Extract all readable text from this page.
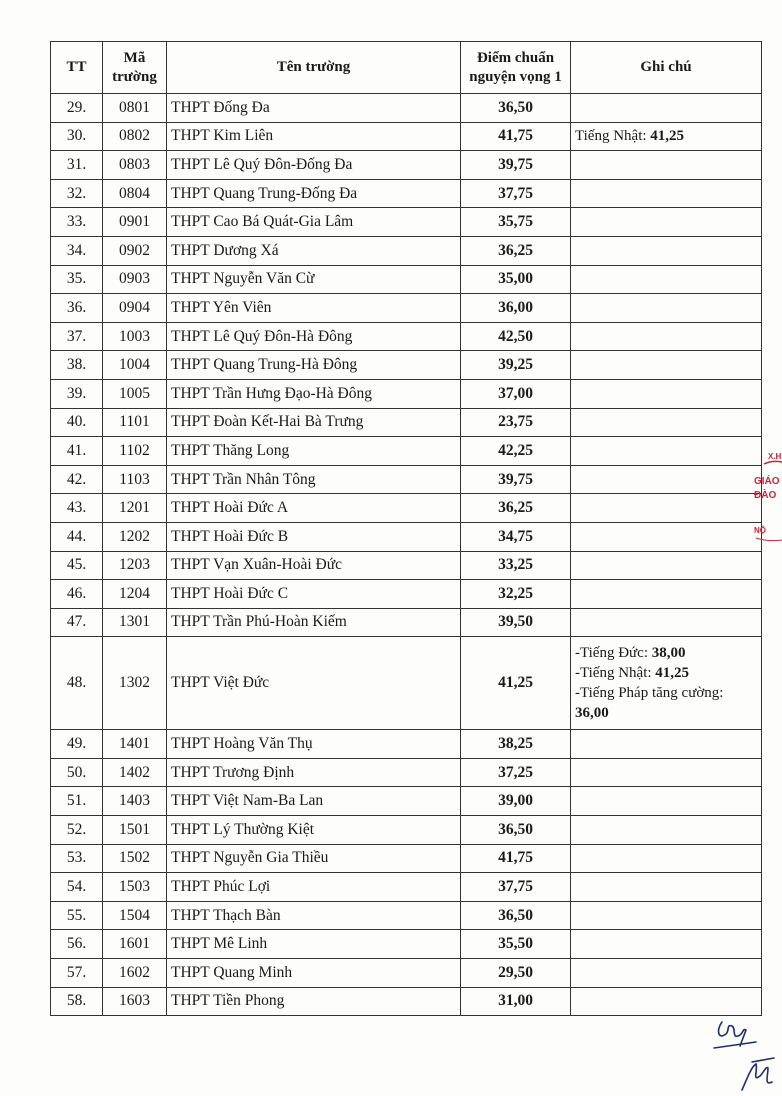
TT	Mã trường	Tên trường	Điểm chuẩn nguyện vọng 1	Ghi chú
29.	0801	THPT Đống Đa	36,50	
30.	0802	THPT Kim Liên	41,75	Tiếng Nhật: 41,25

31.	0803	THPT Lê Quý Đôn-Đống Đa	39,75	
32.	0804	THPT Quang Trung-Đống Đa	37,75	
33.	0901	THPT Cao Bá Quát-Gia Lâm	35,75	
34.	0902	THPT Dương Xá	36,25	
35.	0903	THPT Nguyễn Văn Cừ	35,00	
36.	0904	THPT Yên Viên	36,00	
37.	1003	THPT Lê Quý Đôn-Hà Đông	42,50	
38.	1004	THPT Quang Trung-Hà Đông	39,25	
39.	1005	THPT Trần Hưng Đạo-Hà Đông	37,00	
40.	1101	THPT Đoàn Kết-Hai Bà Trưng	23,75	
41.	1102	THPT Thăng Long	42,25	
42.	1103	THPT Trần Nhân Tông	39,75	
43.	1201	THPT Hoài Đức A	36,25	
44.	1202	THPT Hoài Đức B	34,75	
45.	1203	THPT Vạn Xuân-Hoài Đức	33,25	
46.	1204	THPT Hoài Đức C	32,25	
47.	1301	THPT Trần Phú-Hoàn Kiếm	39,50	
48.	1302	THPT Việt Đức	41,25	-Tiếng Đức: 38,00
-Tiếng Nhật: 41,25
-Tiếng Pháp tăng cường: 36,00

49.	1401	THPT Hoàng Văn Thụ	38,25	
50.	1402	THPT Trương Định	37,25	
51.	1403	THPT Việt Nam-Ba Lan	39,00	
52.	1501	THPT Lý Thường Kiệt	36,50	
53.	1502	THPT Nguyễn Gia Thiều	41,75	
54.	1503	THPT Phúc Lợi	37,75	
55.	1504	THPT Thạch Bàn	36,50	
56.	1601	THPT Mê Linh	35,50	
57.	1602	THPT Quang Minh	29,50	
58.	1603	THPT Tiền Phong	31,00	
X.H
GIÁO
ĐÀO
NỘ
